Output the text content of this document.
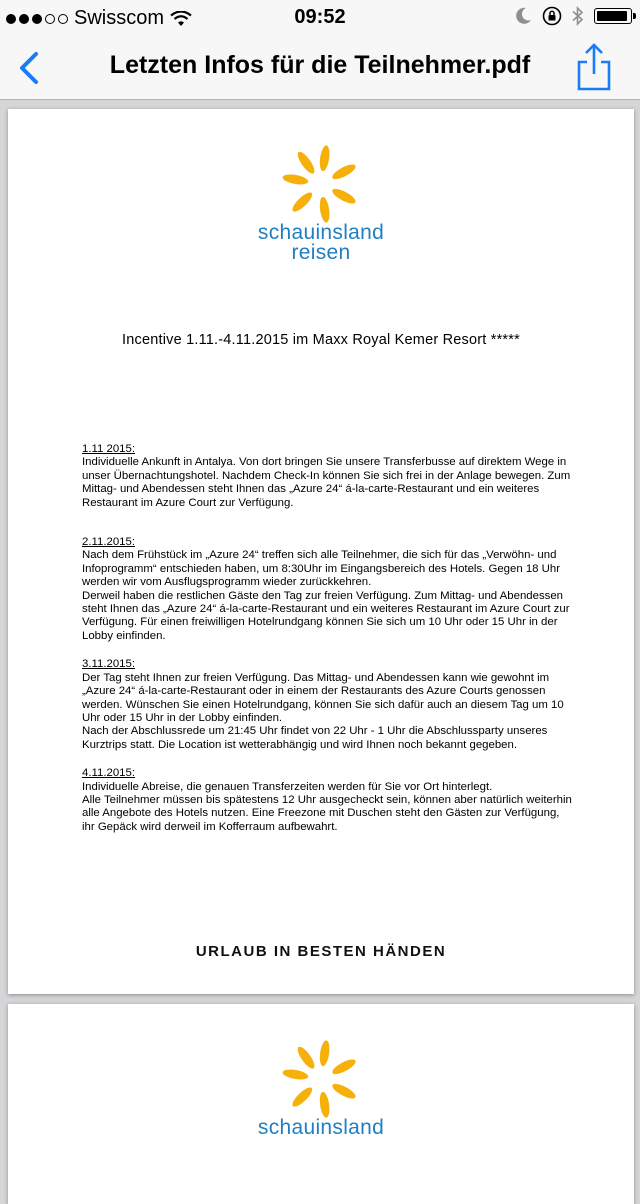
Swisscom	09:52
Letzten Infos für die Teilnehmer.pdf
schauinsland
reisen
Incentive 1.11.-4.11.2015 im Maxx Royal Kemer Resort *****
1.11 2015:
Individuelle Ankunft in Antalya. Von dort bringen Sie unsere Transferbusse auf direktem Wege in unser Übernachtungshotel. Nachdem Check-In können Sie sich frei in der Anlage bewegen. Zum Mittag- und Abendessen steht Ihnen das „Azure 24“ á-la-carte-Restaurant und ein weiteres Restaurant im Azure Court zur Verfügung.
2.11.2015:
Nach dem Frühstück im „Azure 24“ treffen sich alle Teilnehmer, die sich für das „Verwöhn- und Infoprogramm“ entschieden haben, um 8:30Uhr im Eingangsbereich des Hotels. Gegen 18 Uhr werden wir vom Ausflugsprogramm wieder zurückkehren.
Derweil haben die restlichen Gäste den Tag zur freien Verfügung. Zum Mittag- und Abendessen steht Ihnen das „Azure 24“ á-la-carte-Restaurant und ein weiteres Restaurant im Azure Court zur Verfügung. Für einen freiwilligen Hotelrundgang können Sie sich um 10 Uhr oder 15 Uhr in der Lobby einfinden.
3.11.2015:
Der Tag steht Ihnen zur freien Verfügung. Das Mittag- und Abendessen kann wie gewohnt im „Azure 24“ á-la-carte-Restaurant oder in einem der Restaurants des Azure Courts genossen werden. Wünschen Sie einen Hotelrundgang, können Sie sich dafür auch an diesem Tag um 10 Uhr oder 15 Uhr in der Lobby einfinden.
Nach der Abschlussrede um 21:45 Uhr findet von 22 Uhr - 1 Uhr die Abschlussparty unseres Kurztrips statt. Die Location ist wetterabhängig und wird Ihnen noch bekannt gegeben.
4.11.2015:
Individuelle Abreise, die genauen Transferzeiten werden für Sie vor Ort hinterlegt.
Alle Teilnehmer müssen bis spätestens 12 Uhr ausgecheckt sein, können aber natürlich weiterhin alle Angebote des Hotels nutzen. Eine Freezone mit Duschen steht den Gästen zur Verfügung, ihr Gepäck wird derweil im Kofferraum aufbewahrt.
URLAUB IN BESTEN HÄNDEN
schauinsland
